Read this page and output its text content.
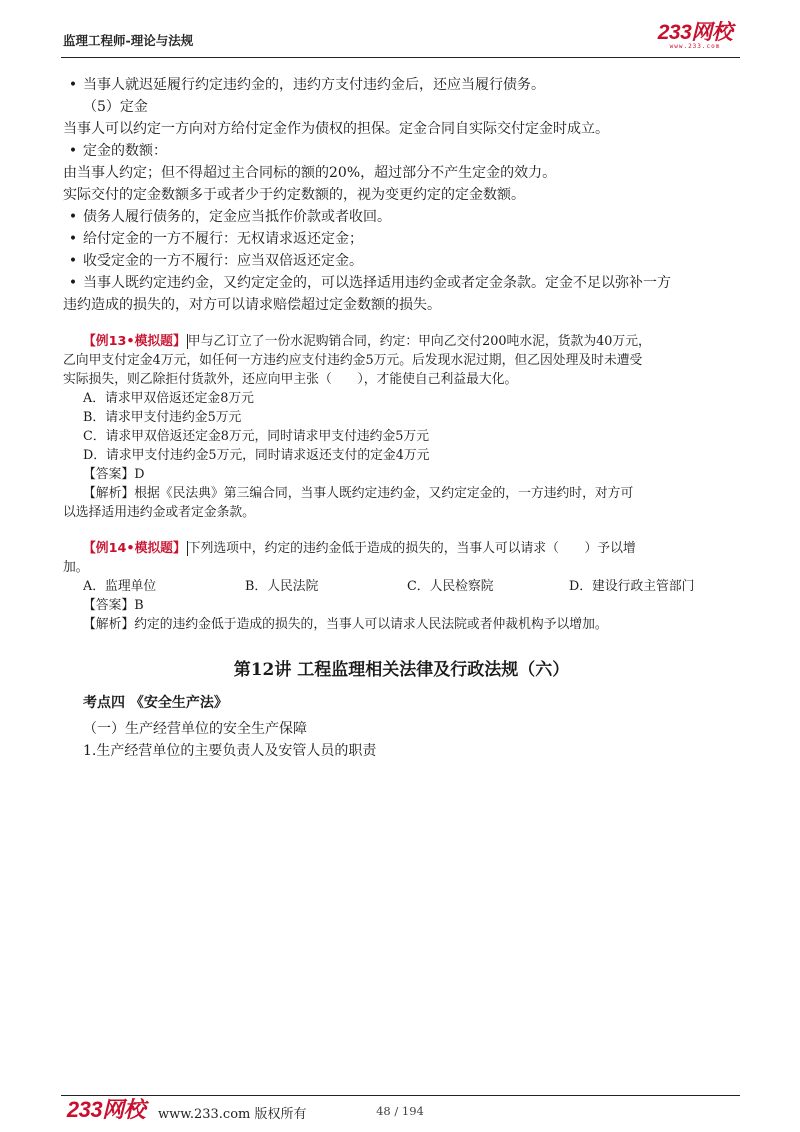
监理工程师-理论与法规	233网校
www.233.com

• 当事人就迟延履行约定违约金的，违约方支付违约金后，还应当履行债务。

（5）定金

当事人可以约定一方向对方给付定金作为债权的担保。定金合同自实际交付定金时成立。

• 定金的数额：

由当事人约定；但不得超过主合同标的额的20%，超过部分不产生定金的效力。

实际交付的定金数额多于或者少于约定数额的，视为变更约定的定金数额。

• 债务人履行债务的，定金应当抵作价款或者收回。

• 给付定金的一方不履行：无权请求返还定金；

• 收受定金的一方不履行：应当双倍返还定金。

• 当事人既约定违约金，又约定定金的，可以选择适用违约金或者定金条款。定金不足以弥补一方

违约造成的损失的，对方可以请求赔偿超过定金数额的损失。

【例13•模拟题】 甲与乙订立了一份水泥购销合同，约定：甲向乙交付200吨水泥，货款为40万元，

乙向甲支付定金4万元，如任何一方违约应支付违约金5万元。后发现水泥过期，但乙因处理及时未遭受

实际损失，则乙除拒付货款外，还应向甲主张（　　），才能使自己利益最大化。

A．请求甲双倍返还定金8万元

B．请求甲支付违约金5万元

C．请求甲双倍返还定金8万元，同时请求甲支付违约金5万元

D．请求甲支付违约金5万元，同时请求返还支付的定金4万元

【答案】D

【解析】根据《民法典》第三编合同，当事人既约定违约金，又约定定金的，一方违约时，对方可

以选择适用违约金或者定金条款。

【例14•模拟题】 下列选项中，约定的违约金低于造成的损失的，当事人可以请求（　　）予以增

加。

A．监理单位	B．人民法院	C．人民检察院	D．建设行政主管部门

【答案】B

【解析】约定的违约金低于造成的损失的，当事人可以请求人民法院或者仲裁机构予以增加。

第12讲 工程监理相关法律及行政法规（六）

考点四 《安全生产法》

（一）生产经营单位的安全生产保障

1.生产经营单位的主要负责人及安管人员的职责

233网校 www.233.com 版权所有	48 / 194
